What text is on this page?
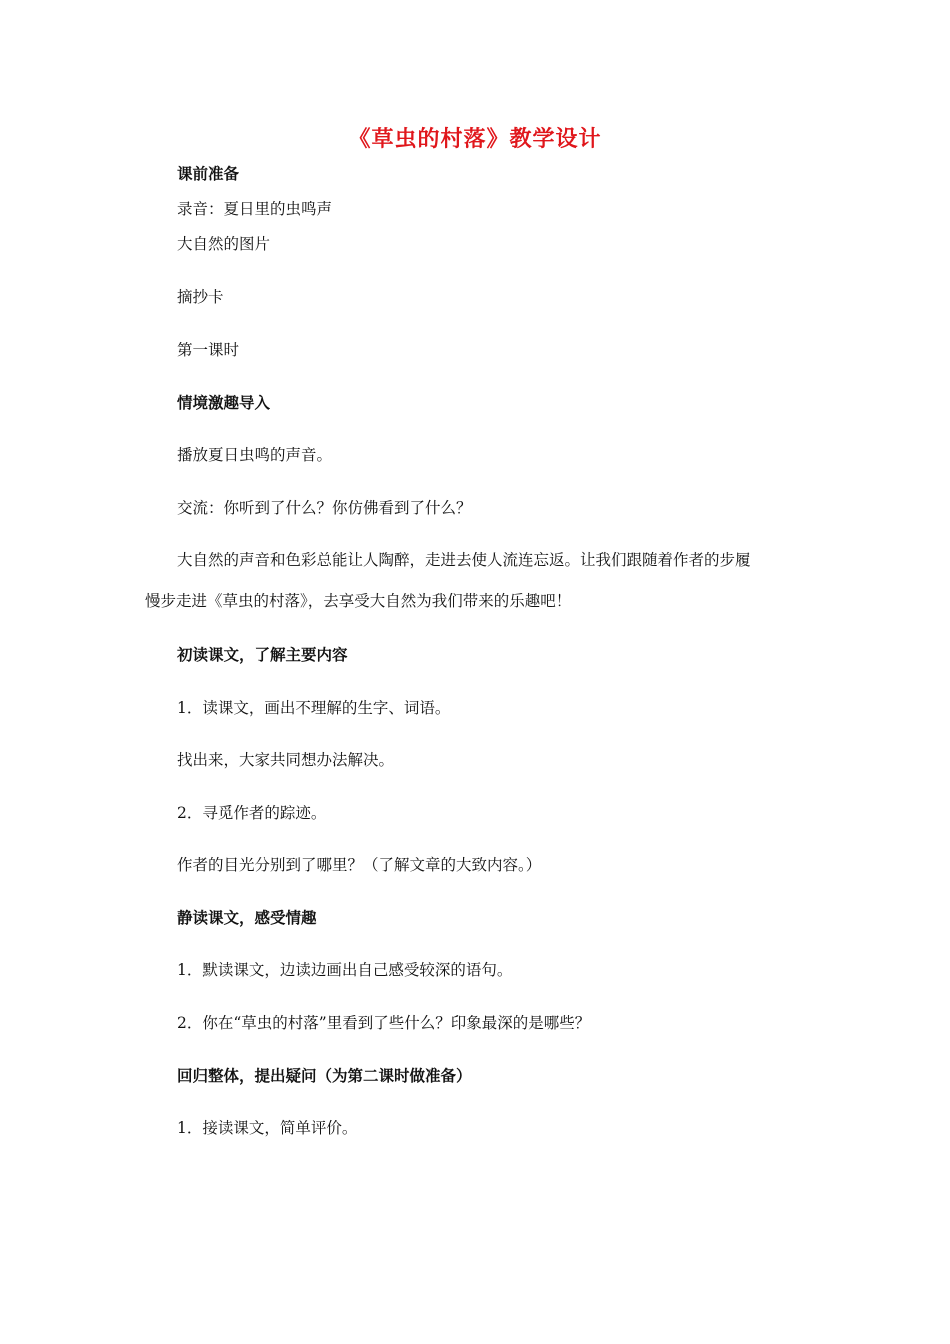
《草虫的村落》教学设计
课前准备
录音：夏日里的虫鸣声
大自然的图片
摘抄卡
第一课时
情境激趣导入
播放夏日虫鸣的声音。
交流：你听到了什么？你仿佛看到了什么？
大自然的声音和色彩总能让人陶醉，走进去使人流连忘返。让我们跟随着作者的步履
慢步走进《草虫的村落》，去享受大自然为我们带来的乐趣吧！
初读课文，了解主要内容
1．读课文，画出不理解的生字、词语。
找出来，大家共同想办法解决。
2．寻觅作者的踪迹。
作者的目光分别到了哪里？（了解文章的大致内容。）
静读课文，感受情趣
1．默读课文，边读边画出自己感受较深的语句。
2．你在“草虫的村落”里看到了些什么？印象最深的是哪些？
回归整体，提出疑问（为第二课时做准备）
1．接读课文，简单评价。
